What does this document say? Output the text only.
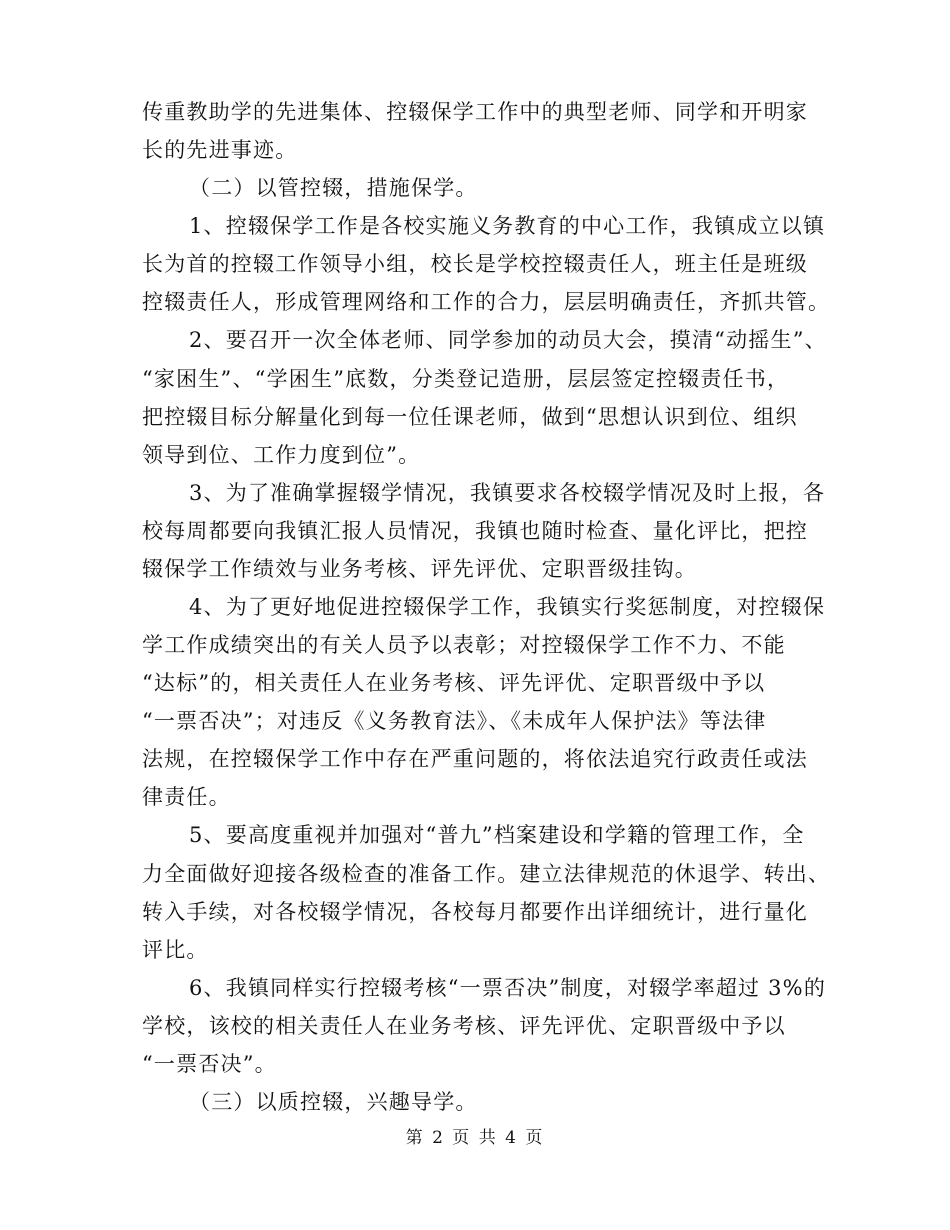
传重教助学的先进集体、控辍保学工作中的典型老师、同学和开明家
长的先进事迹。
（二）以管控辍，措施保学。
1、控辍保学工作是各校实施义务教育的中心工作，我镇成立以镇
长为首的控辍工作领导小组，校长是学校控辍责任人，班主任是班级
控辍责任人，形成管理网络和工作的合力，层层明确责任，齐抓共管。
2、要召开一次全体老师、同学参加的动员大会，摸清“动摇生”、
“家困生”、“学困生”底数，分类登记造册，层层签定控辍责任书，
把控辍目标分解量化到每一位任课老师，做到“思想认识到位、组织
领导到位、工作力度到位”。
3、为了准确掌握辍学情况，我镇要求各校辍学情况及时上报，各
校每周都要向我镇汇报人员情况，我镇也随时检查、量化评比，把控
辍保学工作绩效与业务考核、评先评优、定职晋级挂钩。
4、为了更好地促进控辍保学工作，我镇实行奖惩制度，对控辍保
学工作成绩突出的有关人员予以表彰；对控辍保学工作不力、不能
“达标”的，相关责任人在业务考核、评先评优、定职晋级中予以
“一票否决”；对违反《义务教育法》、《未成年人保护法》等法律
法规，在控辍保学工作中存在严重问题的，将依法追究行政责任或法
律责任。
5、要高度重视并加强对“普九”档案建设和学籍的管理工作，全
力全面做好迎接各级检查的准备工作。建立法律规范的休退学、转出、
转入手续，对各校辍学情况，各校每月都要作出详细统计，进行量化
评比。
6、我镇同样实行控辍考核“一票否决”制度，对辍学率超过 3%的
学校，该校的相关责任人在业务考核、评先评优、定职晋级中予以
“一票否决”。
（三）以质控辍，兴趣导学。
第 2 页 共 4 页
